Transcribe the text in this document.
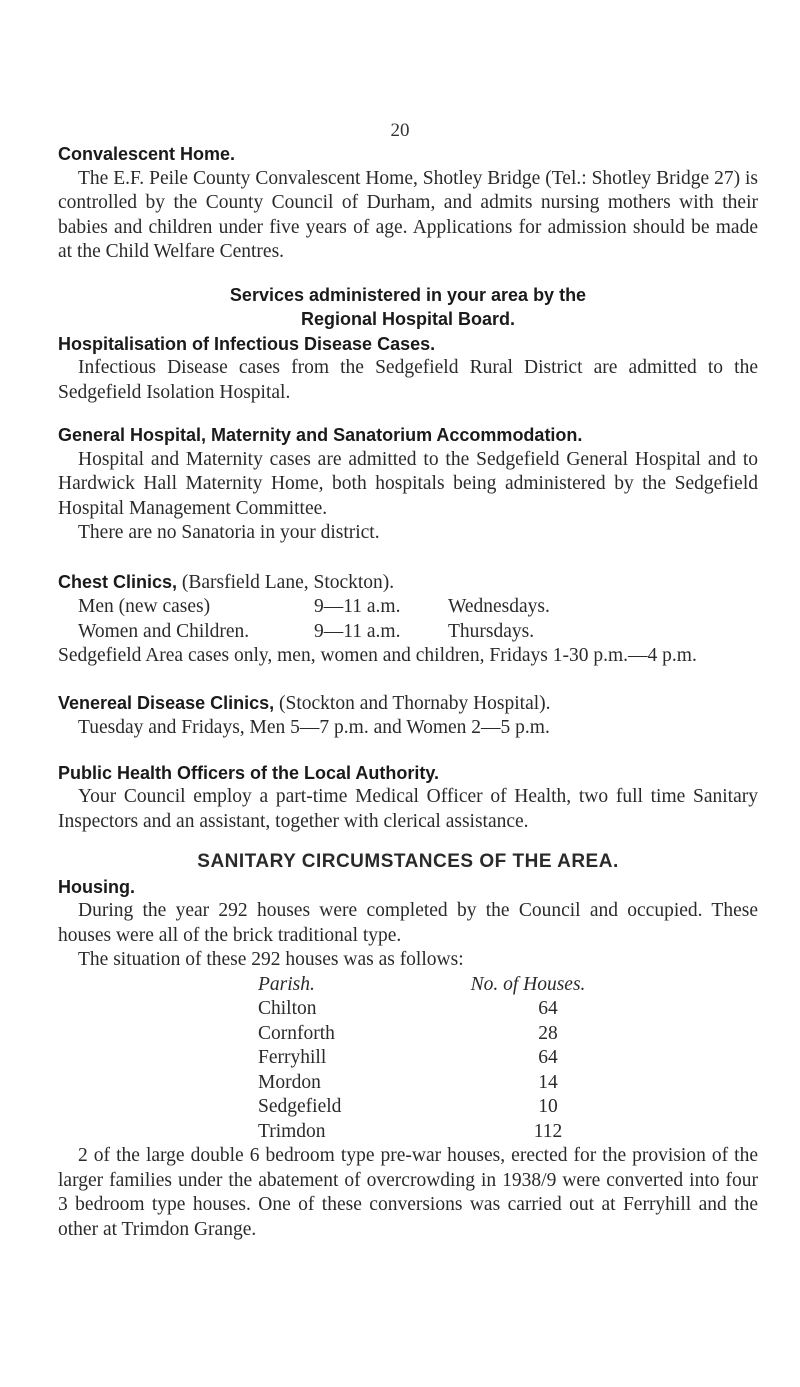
20

Convalescent Home.

The E.F. Peile County Convalescent Home, Shotley Bridge (Tel.: Shotley Bridge 27) is controlled by the County Council of Durham, and admits nursing mothers with their babies and children under five years of age. Applications for admission should be made at the Child Welfare Centres.

Services administered in your area by the

Regional Hospital Board.

Hospitalisation of Infectious Disease Cases.

Infectious Disease cases from the Sedgefield Rural District are admitted to the Sedgefield Isolation Hospital.

General Hospital, Maternity and Sanatorium Accommodation.

Hospital and Maternity cases are admitted to the Sedgefield General Hospital and to Hardwick Hall Maternity Home, both hospitals being administered by the Sedgefield Hospital Management Committee.

There are no Sanatoria in your district.

Chest Clinics, (Barsfield Lane, Stockton).

Men (new cases)	9—11 a.m.	Wednesdays.
Women and Children.	9—11 a.m.	Thursdays.

Sedgefield Area cases only, men, women and children, Fridays 1-30 p.m.—4 p.m.

Venereal Disease Clinics, (Stockton and Thornaby Hospital).

Tuesday and Fridays, Men 5—7 p.m. and Women 2—5 p.m.

Public Health Officers of the Local Authority.

Your Council employ a part-time Medical Officer of Health, two full time Sanitary Inspectors and an assistant, together with clerical assistance.

SANITARY CIRCUMSTANCES OF THE AREA.

Housing.

During the year 292 houses were completed by the Council and occupied. These houses were all of the brick traditional type.

The situation of these 292 houses was as follows:

Parish.	No. of Houses.
Chilton	64
Cornforth	28
Ferryhill	64
Mordon	14
Sedgefield	10
Trimdon	112

2 of the large double 6 bedroom type pre-war houses, erected for the provision of the larger families under the abatement of overcrowding in 1938/9 were converted into four 3 bedroom type houses. One of these conversions was carried out at Ferryhill and the other at Trimdon Grange.
